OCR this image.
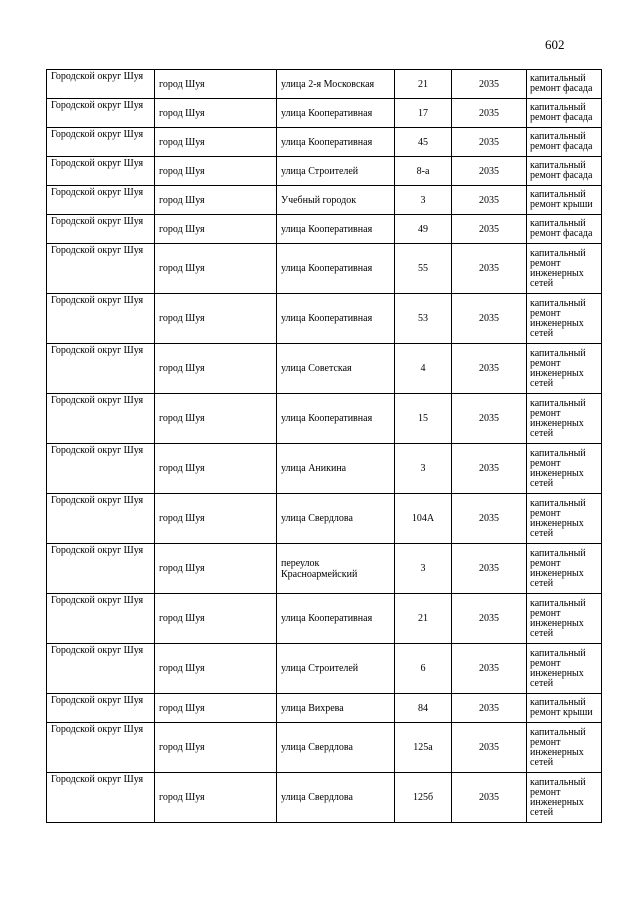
602
Городской округ Шуя	город Шуя	улица 2-я Московская	21	2035	капитальный ремонт фасада
Городской округ Шуя	город Шуя	улица Кооперативная	17	2035	капитальный ремонт фасада
Городской округ Шуя	город Шуя	улица Кооперативная	45	2035	капитальный ремонт фасада
Городской округ Шуя	город Шуя	улица Строителей	8-а	2035	капитальный ремонт фасада
Городской округ Шуя	город Шуя	Учебный городок	3	2035	капитальный ремонт крыши
Городской округ Шуя	город Шуя	улица Кооперативная	49	2035	капитальный ремонт фасада
Городской округ Шуя	город Шуя	улица Кооперативная	55	2035	капитальный ремонт инженерных сетей
Городской округ Шуя	город Шуя	улица Кооперативная	53	2035	капитальный ремонт инженерных сетей
Городской округ Шуя	город Шуя	улица Советская	4	2035	капитальный ремонт инженерных сетей
Городской округ Шуя	город Шуя	улица Кооперативная	15	2035	капитальный ремонт инженерных сетей
Городской округ Шуя	город Шуя	улица Аникина	3	2035	капитальный ремонт инженерных сетей
Городской округ Шуя	город Шуя	улица Свердлова	104А	2035	капитальный ремонт инженерных сетей
Городской округ Шуя	город Шуя	переулок Красноармейский	3	2035	капитальный ремонт инженерных сетей
Городской округ Шуя	город Шуя	улица Кооперативная	21	2035	капитальный ремонт инженерных сетей
Городской округ Шуя	город Шуя	улица Строителей	6	2035	капитальный ремонт инженерных сетей
Городской округ Шуя	город Шуя	улица Вихрева	84	2035	капитальный ремонт крыши
Городской округ Шуя	город Шуя	улица Свердлова	125а	2035	капитальный ремонт инженерных сетей
Городской округ Шуя	город Шуя	улица Свердлова	125б	2035	капитальный ремонт инженерных сетей
